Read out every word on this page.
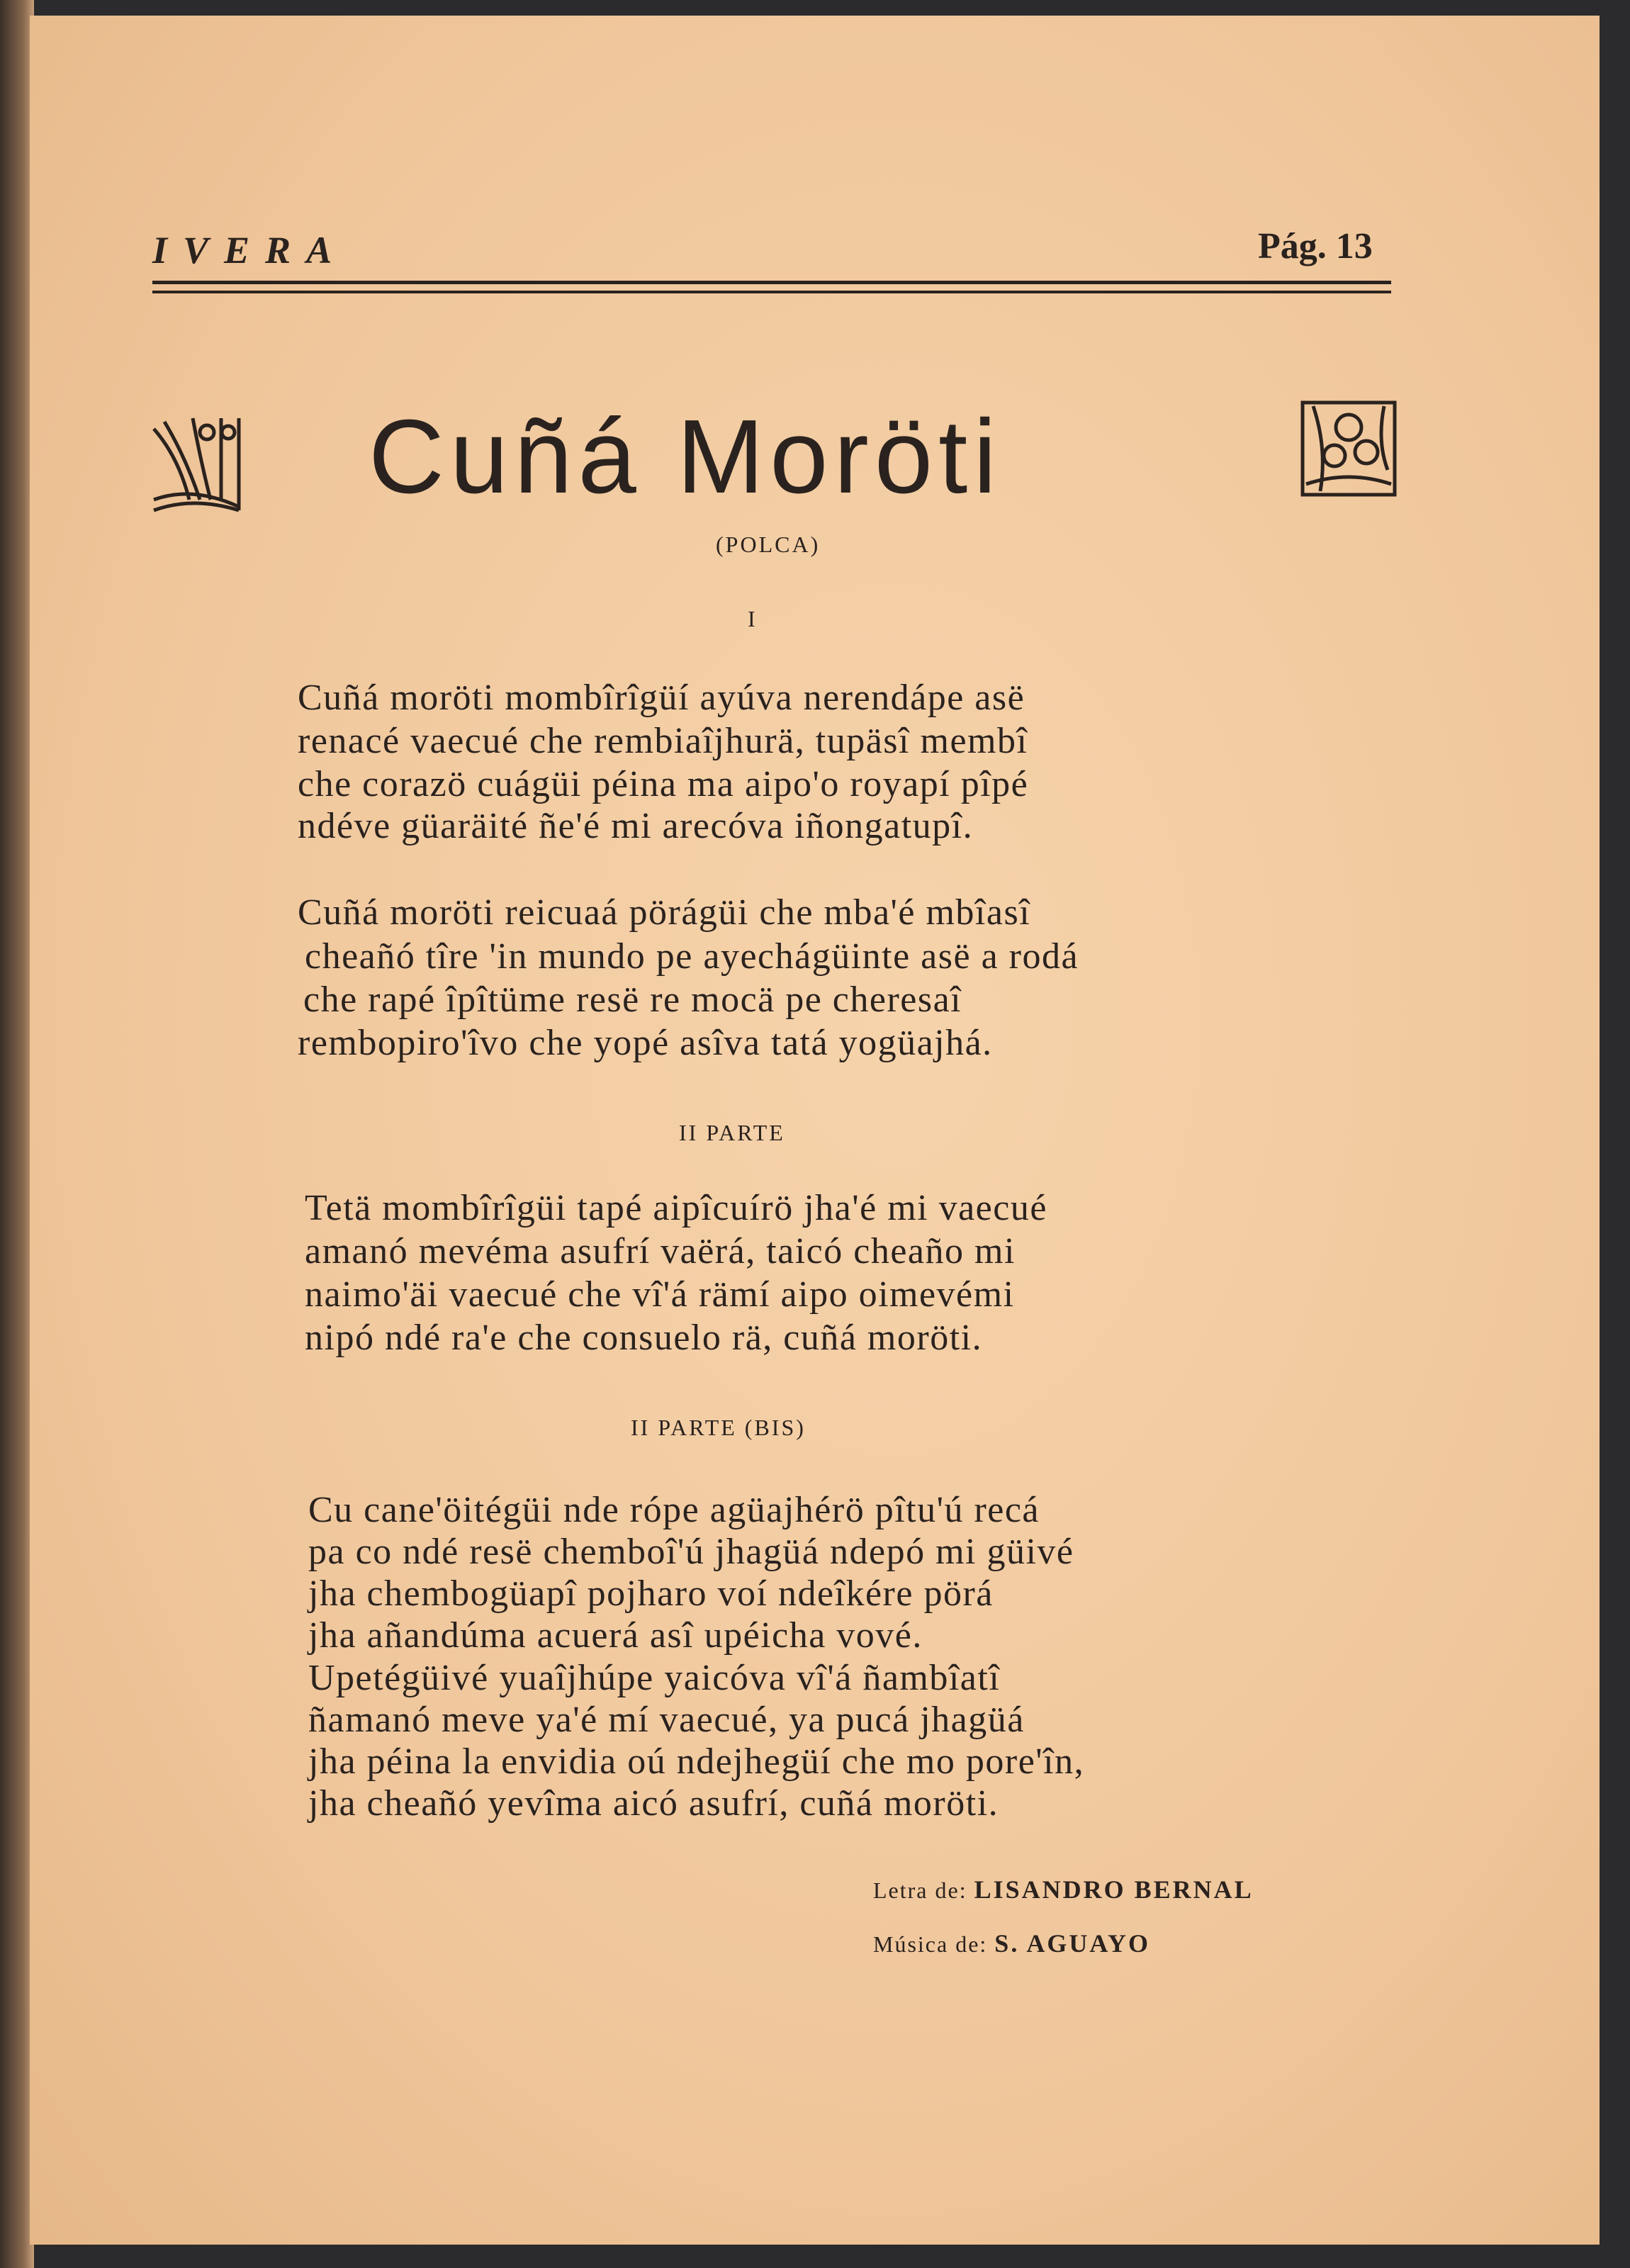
IVERA	Pág. 13
Cuñá Moröti
(POLCA)
I
Cuñá moröti mombîrîgüí ayúva nerendápe asë
renacé vaecué che rembiaîjhurä, tupäsî membî
che corazö cuágüi péina ma aipo'o royapí pîpé
ndéve güaräité ñe'é mi arecóva iñongatupî.
Cuñá moröti reicuaá pörágüi che mba'é mbîasî
cheañó tîre 'in mundo pe ayechágüinte asë a rodá
che rapé îpîtüme resë re mocä pe cheresaî
rembopiro'îvo che yopé asîva tatá yogüajhá.
II PARTE
Tetä mombîrîgüi tapé aipîcuírö jha'é mi vaecué
amanó mevéma asufrí vaërá, taicó cheaño mi
naimo'äi vaecué che vî'á rämí aipo oimevémi
nipó ndé ra'e che consuelo rä, cuñá moröti.
II PARTE (BIS)
Cu cane'öitégüi nde rópe agüajhérö pîtu'ú recá
pa co ndé resë chemboî'ú jhagüá ndepó mi güivé
jha chembogüapî pojharo voí ndeîkére pörá
jha añandúma acuerá asî upéicha vové.
Upetégüivé yuaîjhúpe yaicóva vî'á ñambîatî
ñamanó meve ya'é mí vaecué, ya pucá jhagüá
jha péina la envidia oú ndejhegüí che mo pore'în,
jha cheañó yevîma aicó asufrí, cuñá moröti.
Letra de: LISANDRO BERNAL
Música de: S. AGUAYO
